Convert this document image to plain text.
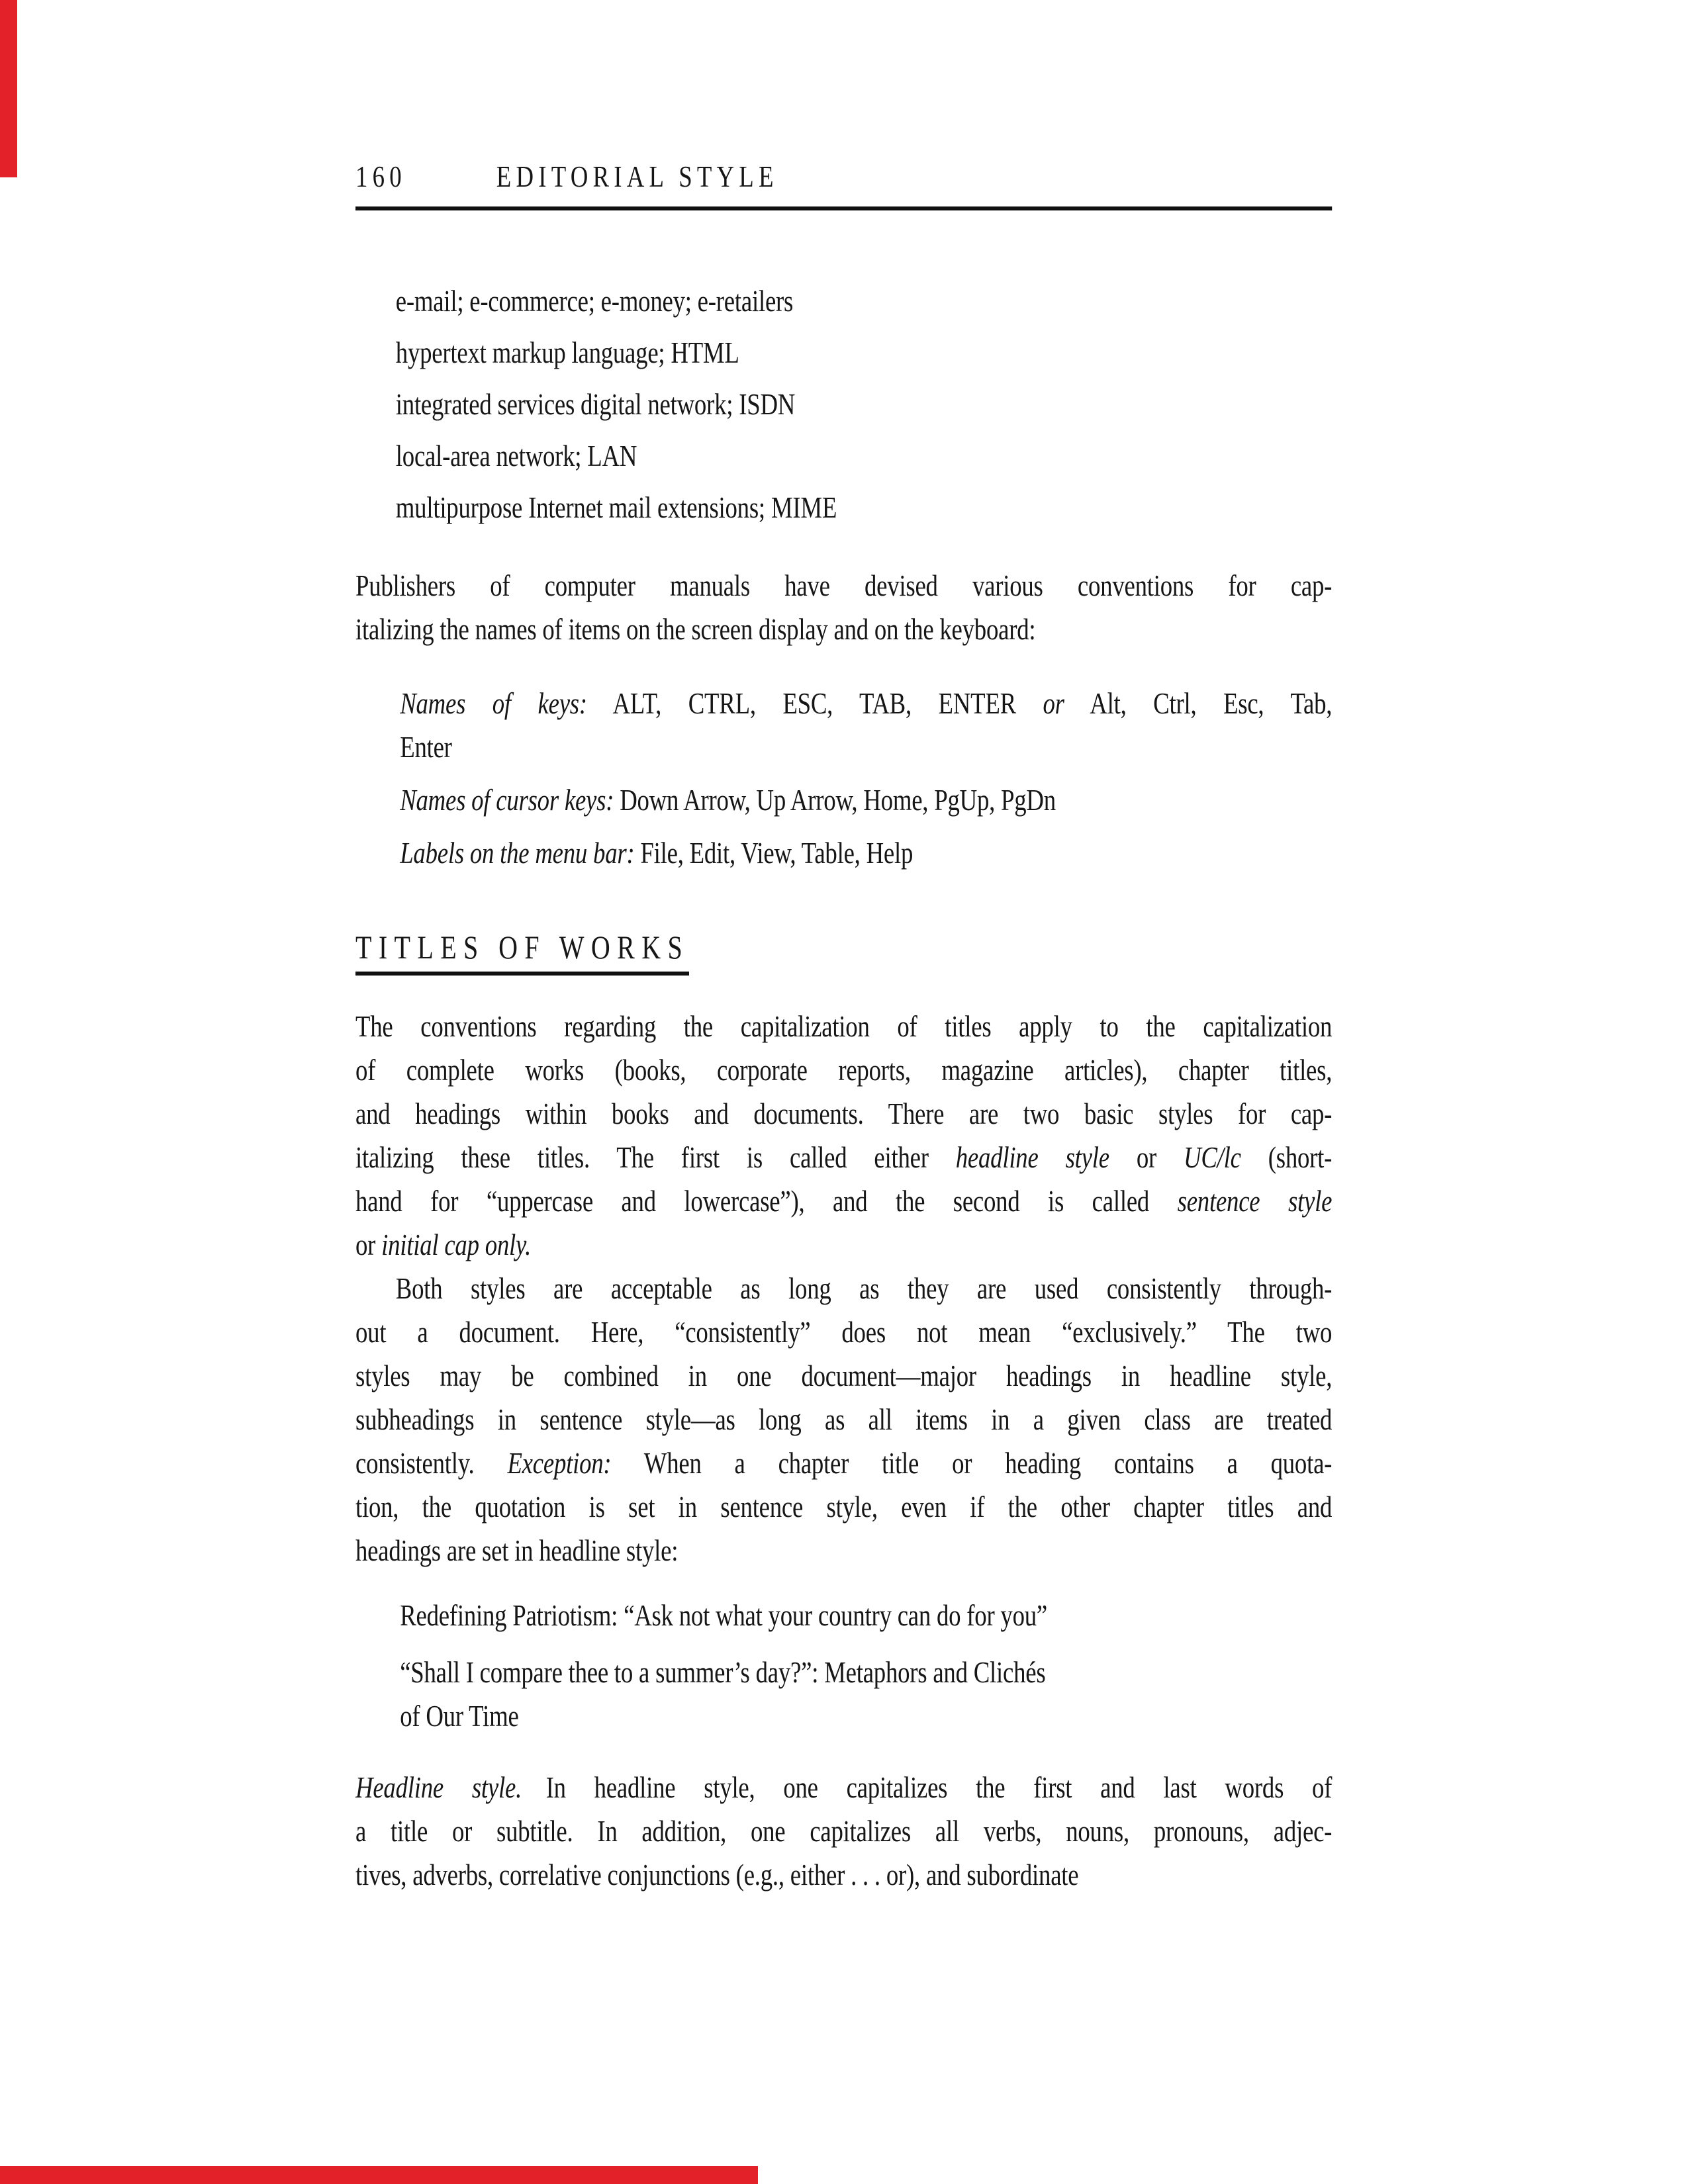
160	EDITORIAL STYLE
e-mail; e-commerce; e-money; e-retailers
hypertext markup language; HTML
integrated services digital network; ISDN
local-area network; LAN
multipurpose Internet mail extensions; MIME
Publishers of computer manuals have devised various conventions for cap-
italizing the names of items on the screen display and on the keyboard:
Names of keys: ALT, CTRL, ESC, TAB, ENTER or Alt, Ctrl, Esc, Tab,
Enter
Names of cursor keys: Down Arrow, Up Arrow, Home, PgUp, PgDn
Labels on the menu bar: File, Edit, View, Table, Help
TITLES OF WORKS
The conventions regarding the capitalization of titles apply to the capitalization
of complete works (books, corporate reports, magazine articles), chapter titles,
and headings within books and documents. There are two basic styles for cap-
italizing these titles. The first is called either headline style or UC/lc (short-
hand for “uppercase and lowercase”), and the second is called sentence style
or initial cap only.
Both styles are acceptable as long as they are used consistently through-
out a document. Here, “consistently” does not mean “exclusively.” The two
styles may be combined in one document—major headings in headline style,
subheadings in sentence style—as long as all items in a given class are treated
consistently. Exception: When a chapter title or heading contains a quota-
tion, the quotation is set in sentence style, even if the other chapter titles and
headings are set in headline style:
Redefining Patriotism: “Ask not what your country can do for you”
“Shall I compare thee to a summer’s day?”: Metaphors and Clichés
of Our Time
Headline style. In headline style, one capitalizes the first and last words of
a title or subtitle. In addition, one capitalizes all verbs, nouns, pronouns, adjec-
tives, adverbs, correlative conjunctions (e.g., either . . . or), and subordinate
